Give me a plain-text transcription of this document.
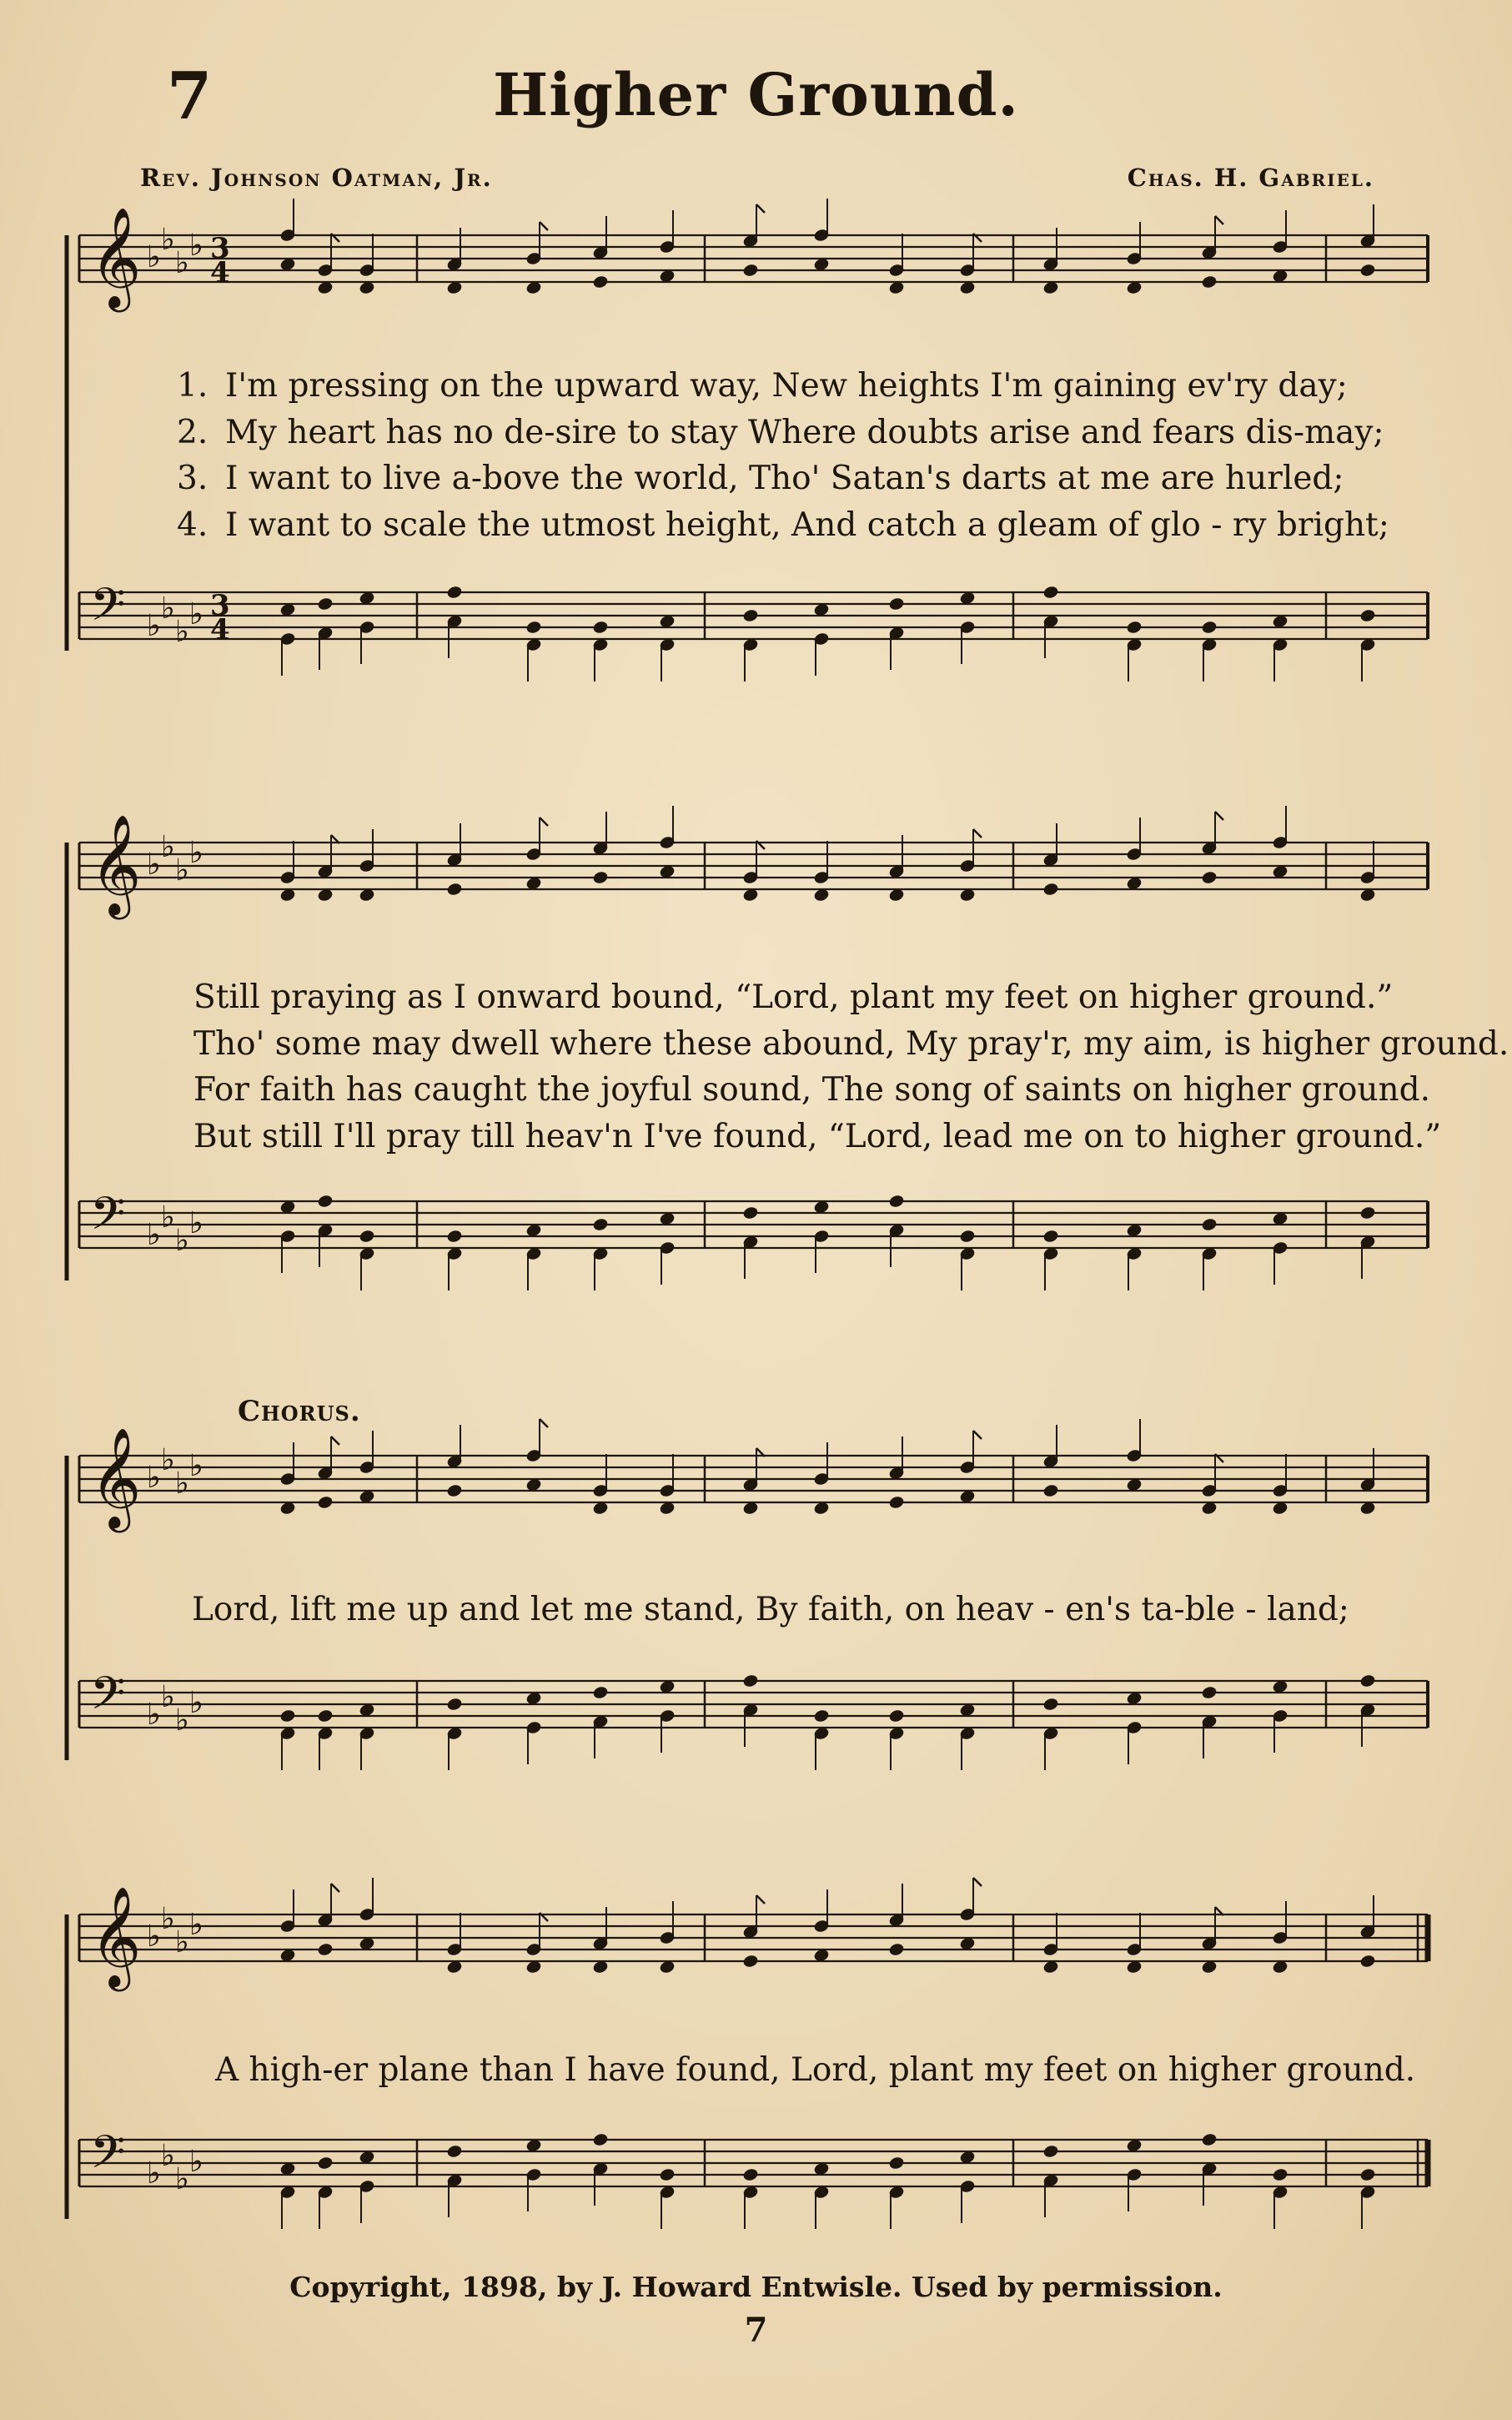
7	Higher Ground.
Rev. Johnson Oatman, Jr.	Chas. H. Gabriel.
𝄞 ♭
♭
♭
♭ 3
4
1. I'm pressing on the upward way, New heights I'm gaining ev'ry day;
2. My heart has no de-sire to stay Where doubts arise and fears dis-may;
3. I want to live a-bove the world, Tho' Satan's darts at me are hurled;
4. I want to scale the utmost height, And catch a gleam of glo - ry bright;
𝄢 ♭
♭
♭
♭ 3
4
𝄞 ♭
♭
♭
♭
Still praying as I onward bound, “Lord, plant my feet on higher ground.”
Tho' some may dwell where these abound, My pray'r, my aim, is higher ground.
For faith has caught the joyful sound, The song of saints on higher ground.
But still I'll pray till heav'n I've found, “Lord, lead me on to higher ground.”
𝄢 ♭
♭
♭
♭
Chorus.
𝄞 ♭
♭
♭
♭
Lord, lift me up and let me stand, By faith, on heav - en's ta-ble - land;
𝄢 ♭
♭
♭
♭
𝄞 ♭
♭
♭
♭
A high-er plane than I have found, Lord, plant my feet on higher ground.
𝄢 ♭
♭
♭
♭
Copyright, 1898, by J. Howard Entwisle. Used by permission.
7
